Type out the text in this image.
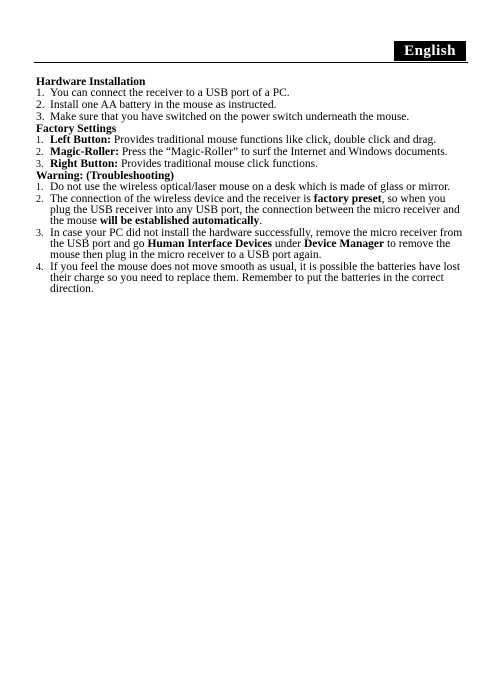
English
Hardware Installation
1. You can connect the receiver to a USB port of a PC.
2. Install one AA battery in the mouse as instructed.
3. Make sure that you have switched on the power switch underneath the mouse.
Factory Settings
1. Left Button: Provides traditional mouse functions like click, double click and drag.
2. Magic-Roller: Press the “Magic-Roller” to surf the Internet and Windows documents.
3. Right Button: Provides traditional mouse click functions.
Warning: (Troubleshooting)
1. Do not use the wireless optical/laser mouse on a desk which is made of glass or mirror.
2. The connection of the wireless device and the receiver is factory preset, so when you plug the USB receiver into any USB port, the connection between the micro receiver and the mouse will be established automatically.
3. In case your PC did not install the hardware successfully, remove the micro receiver from the USB port and go Human Interface Devices under Device Manager to remove the mouse then plug in the micro receiver to a USB port again.
4. If you feel the mouse does not move smooth as usual, it is possible the batteries have lost their charge so you need to replace them. Remember to put the batteries in the correct direction.
